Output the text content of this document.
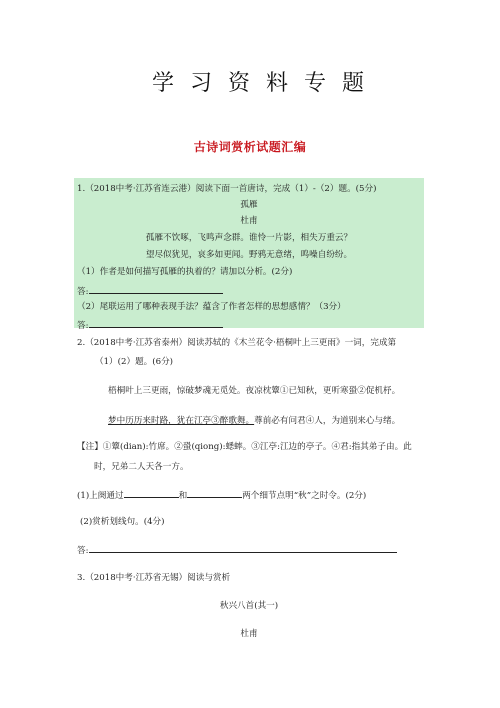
学习资料专题
古诗词赏析试题汇编
1.（2018中考·江苏省连云港）阅读下面一首唐诗，完成（1）-（2）题。(5分)
孤雁
杜甫
孤雁不饮啄，飞鸣声念群。谁怜一片影，相失万重云？
望尽似犹见，哀多如更闻。野鸦无意绪，鸣噪自纷纷。
（1）作者是如何描写孤雁的执着的？请加以分析。(2分)
答:
（2）尾联运用了哪种表现手法？蕴含了作者怎样的思想感情？（3分）
答:
2.（2018中考·江苏省泰州）阅读苏轼的《木兰花令·梧桐叶上三更雨》一词，完成第
（1）(2）题。(6分)
梧桐叶上三更雨，惊破梦魂无觅处。夜凉枕簟①已知秋，更听寒蛩②促机杼。
梦中历历来时路，犹在江亭③醉歌舞。尊前必有问君④人，为道别来心与绪。
【注】①簟(dian):竹席。②蛩(qiong):蟋蟀。③江亭:江边的亭子。④君:指其弟子由。此
时，兄弟二人天各一方。
(1)上阕通过	和	两个细节点明“秋”之时令。(2分)
(2)赏析划线句。(4分)
答:
3.（2018中考·江苏省无锡）阅读与赏析
秋兴八首(其一)
杜甫
